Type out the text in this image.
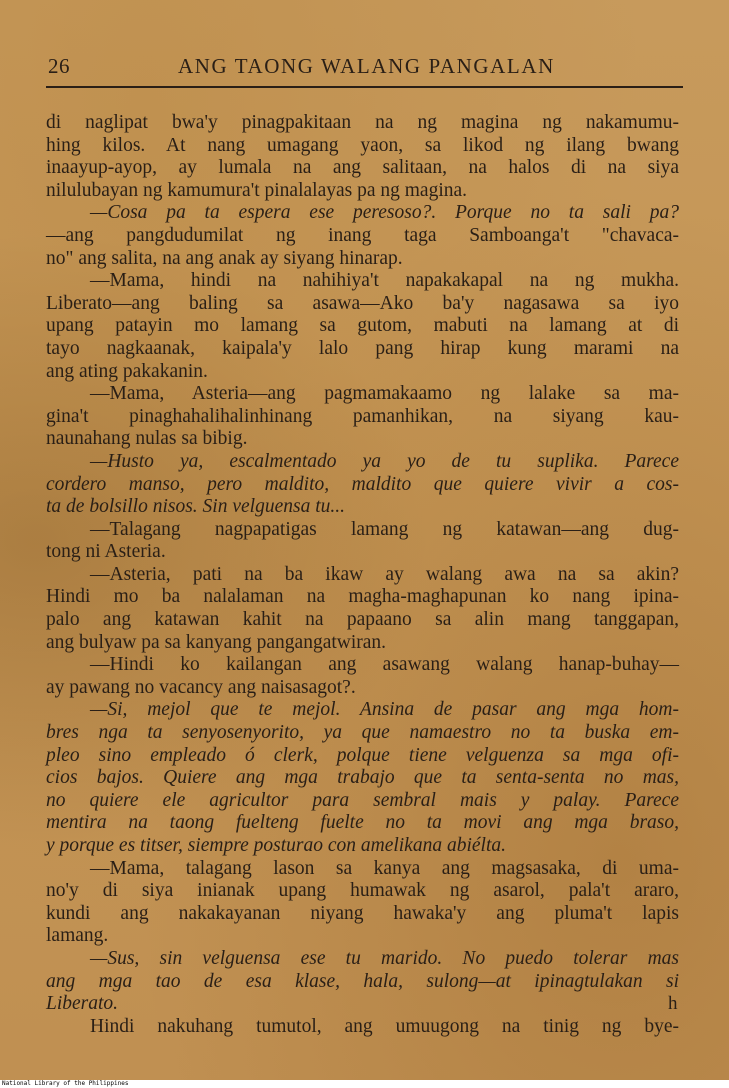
26	ANG TAONG WALANG PANGALAN
di naglipat bwa'y pinagpakitaan na ng magina ng nakamumu-
hing kilos. At nang umagang yaon, sa likod ng ilang bwang
inaayup-ayop, ay lumala na ang salitaan, na halos di na siya
nilulubayan ng kamumura't pinalalayas pa ng magina.
—Cosa pa ta espera ese peresoso?. Porque no ta sali pa?
—ang pangdudumilat ng inang taga Samboanga't "chavaca-
no" ang salita, na ang anak ay siyang hinarap.
—Mama, hindi na nahihiya't napakakapal na ng mukha.
Liberato—ang baling sa asawa—Ako ba'y nagasawa sa iyo
upang patayin mo lamang sa gutom, mabuti na lamang at di
tayo nagkaanak, kaipala'y lalo pang hirap kung marami na
ang ating pakakanin.
—Mama, Asteria—ang pagmamakaamo ng lalake sa ma-
gina't pinaghahalihalinhinang pamanhikan, na siyang kau-
naunahang nulas sa bibig.
—Husto ya, escalmentado ya yo de tu suplika. Parece
cordero manso, pero maldito, maldito que quiere vivir a cos-
ta de bolsillo nisos. Sin velguensa tu...
—Talagang nagpapatigas lamang ng katawan—ang dug-
tong ni Asteria.
—Asteria, pati na ba ikaw ay walang awa na sa akin?
Hindi mo ba nalalaman na magha-maghapunan ko nang ipina-
palo ang katawan kahit na papaano sa alin mang tanggapan,
ang bulyaw pa sa kanyang pangangatwiran.
—Hindi ko kailangan ang asawang walang hanap-buhay—
ay pawang no vacancy ang naisasagot?.
—Si, mejol que te mejol. Ansina de pasar ang mga hom-
bres nga ta senyosenyorito, ya que namaestro no ta buska em-
pleo sino empleado ó clerk, polque tiene velguenza sa mga ofi-
cios bajos. Quiere ang mga trabajo que ta senta-senta no mas,
no quiere ele agricultor para sembral mais y palay. Parece
mentira na taong fuelteng fuelte no ta movi ang mga braso,
y porque es titser, siempre posturao con amelikana abiélta.
—Mama, talagang lason sa kanya ang magsasaka, di uma-
no'y di siya inianak upang humawak ng asarol, pala't araro,
kundi ang nakakayanan niyang hawaka'y ang pluma't lapis
lamang.
—Sus, sin velguensa ese tu marido. No puedo tolerar mas
ang mga tao de esa klase, hala, sulong—at ipinagtulakan si
Liberato.
Hindi nakuhang tumutol, ang umuugong na tinig ng bye-
h
National Library of the Philippines
